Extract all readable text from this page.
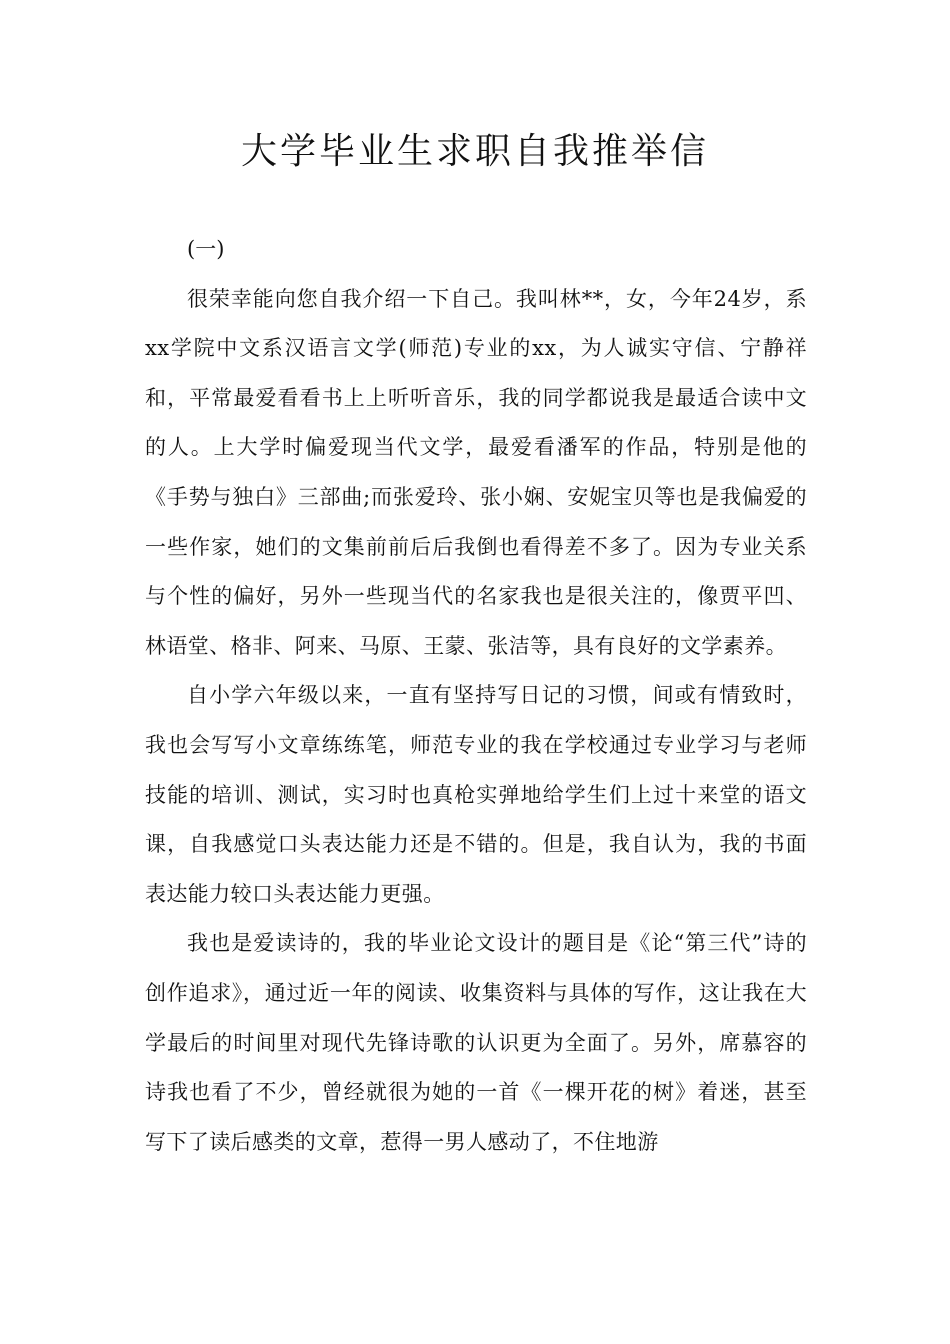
大学毕业生求职自我推举信

(一)

很荣幸能向您自我介绍一下自己。我叫林**，女，今年24岁，系xx学院中文系汉语言文学(师范)专业的xx，为人诚实守信、宁静祥和，平常最爱看看书上上听听音乐，我的同学都说我是最适合读中文的人。上大学时偏爱现当代文学，最爱看潘军的作品，特别是他的《手势与独白》三部曲;而张爱玲、张小娴、安妮宝贝等也是我偏爱的一些作家，她们的文集前前后后我倒也看得差不多了。因为专业关系与个性的偏好，另外一些现当代的名家我也是很关注的，像贾平凹、林语堂、格非、阿来、马原、王蒙、张洁等，具有良好的文学素养。

自小学六年级以来，一直有坚持写日记的习惯，间或有情致时，我也会写写小文章练练笔，师范专业的我在学校通过专业学习与老师技能的培训、测试，实习时也真枪实弹地给学生们上过十来堂的语文课，自我感觉口头表达能力还是不错的。但是，我自认为，我的书面表达能力较口头表达能力更强。

我也是爱读诗的，我的毕业论文设计的题目是《论“第三代”诗的创作追求》，通过近一年的阅读、收集资料与具体的写作，这让我在大学最后的时间里对现代先锋诗歌的认识更为全面了。另外，席慕容的诗我也看了不少，曾经就很为她的一首《一棵开花的树》着迷，甚至写下了读后感类的文章，惹得一男人感动了，不住地游
